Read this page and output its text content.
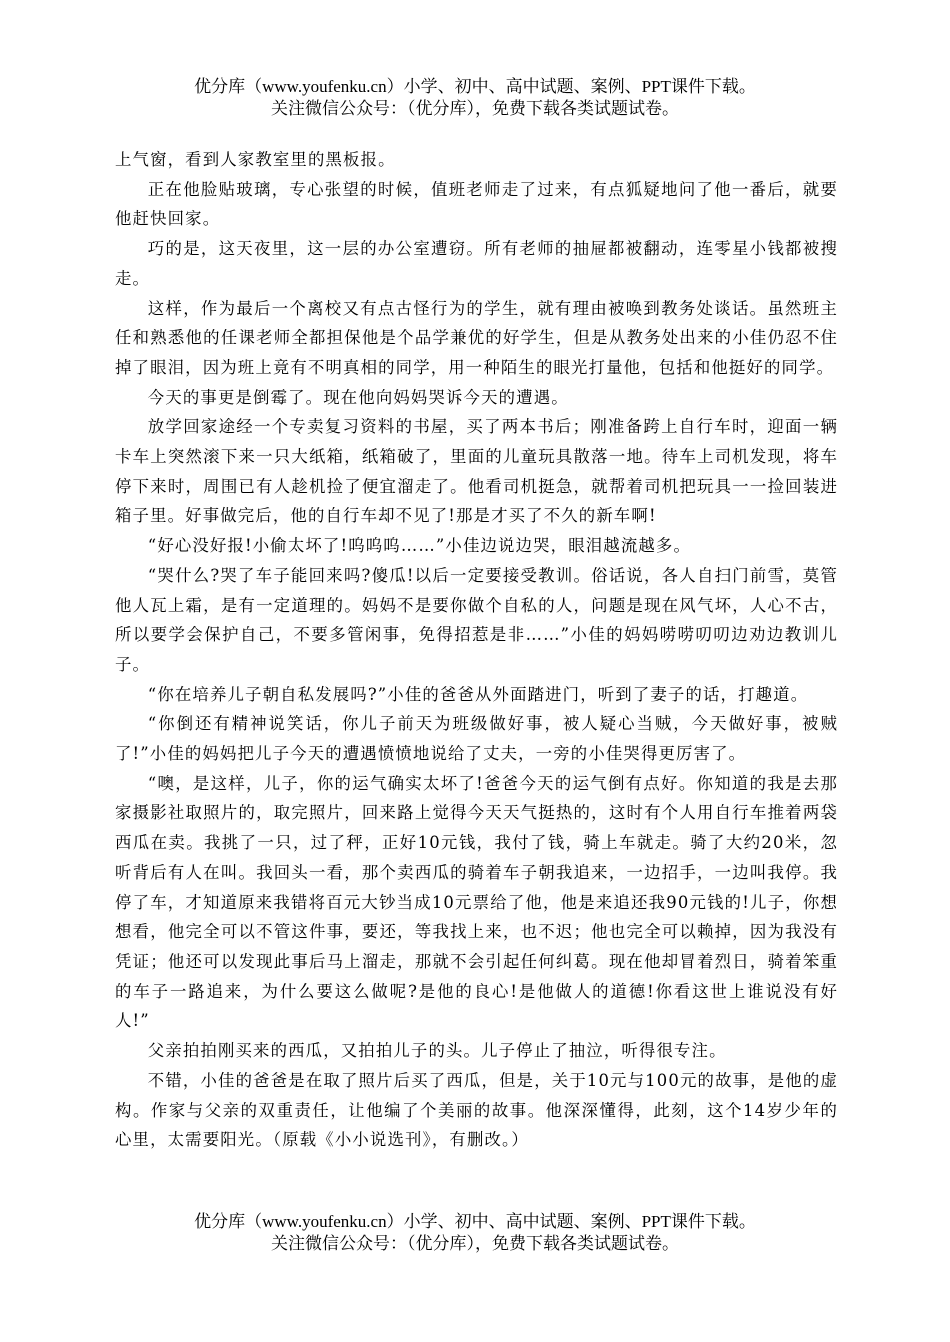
优分库（www.youfenku.cn）小学、初中、高中试题、案例、PPT课件下载。
关注微信公众号：（优分库），免费下载各类试题试卷。

上气窗，看到人家教室里的黑板报。

正在他脸贴玻璃，专心张望的时候，值班老师走了过来，有点狐疑地问了他一番后，就要他赶快回家。

巧的是，这天夜里，这一层的办公室遭窃。所有老师的抽屉都被翻动，连零星小钱都被搜走。

这样，作为最后一个离校又有点古怪行为的学生，就有理由被唤到教务处谈话。虽然班主任和熟悉他的任课老师全都担保他是个品学兼优的好学生，但是从教务处出来的小佳仍忍不住掉了眼泪，因为班上竟有不明真相的同学，用一种陌生的眼光打量他，包括和他挺好的同学。

今天的事更是倒霉了。现在他向妈妈哭诉今天的遭遇。

放学回家途经一个专卖复习资料的书屋，买了两本书后；刚准备跨上自行车时，迎面一辆卡车上突然滚下来一只大纸箱，纸箱破了，里面的儿童玩具散落一地。待车上司机发现，将车停下来时，周围已有人趁机捡了便宜溜走了。他看司机挺急，就帮着司机把玩具一一捡回装进箱子里。好事做完后，他的自行车却不见了!那是才买了不久的新车啊!

“好心没好报!小偷太坏了!呜呜呜……”小佳边说边哭，眼泪越流越多。

“哭什么?哭了车子能回来吗?傻瓜!以后一定要接受教训。俗话说，各人自扫门前雪，莫管他人瓦上霜，是有一定道理的。妈妈不是要你做个自私的人，问题是现在风气坏，人心不古，所以要学会保护自己，不要多管闲事，免得招惹是非……”小佳的妈妈唠唠叨叨边劝边教训儿子。

“你在培养儿子朝自私发展吗?”小佳的爸爸从外面踏进门，听到了妻子的话，打趣道。

“你倒还有精神说笑话，你儿子前天为班级做好事，被人疑心当贼，今天做好事，被贼了!”小佳的妈妈把儿子今天的遭遇愤愤地说给了丈夫，一旁的小佳哭得更厉害了。

“噢，是这样，儿子，你的运气确实太坏了!爸爸今天的运气倒有点好。你知道的我是去那家摄影社取照片的，取完照片，回来路上觉得今天天气挺热的，这时有个人用自行车推着两袋西瓜在卖。我挑了一只，过了秤，正好10元钱，我付了钱，骑上车就走。骑了大约20米，忽听背后有人在叫。我回头一看，那个卖西瓜的骑着车子朝我追来，一边招手，一边叫我停。我停了车，才知道原来我错将百元大钞当成10元票给了他，他是来追还我90元钱的!儿子，你想想看，他完全可以不管这件事，要还，等我找上来，也不迟；他也完全可以赖掉，因为我没有凭证；他还可以发现此事后马上溜走，那就不会引起任何纠葛。现在他却冒着烈日，骑着笨重的车子一路追来，为什么要这么做呢?是他的良心!是他做人的道德!你看这世上谁说没有好人!”

父亲拍拍刚买来的西瓜，又拍拍儿子的头。儿子停止了抽泣，听得很专注。

不错，小佳的爸爸是在取了照片后买了西瓜，但是，关于10元与100元的故事，是他的虚构。作家与父亲的双重责任，让他编了个美丽的故事。他深深懂得，此刻，这个14岁少年的心里，太需要阳光。（原载《小小说选刊》，有删改。）

优分库（www.youfenku.cn）小学、初中、高中试题、案例、PPT课件下载。
关注微信公众号：（优分库），免费下载各类试题试卷。
